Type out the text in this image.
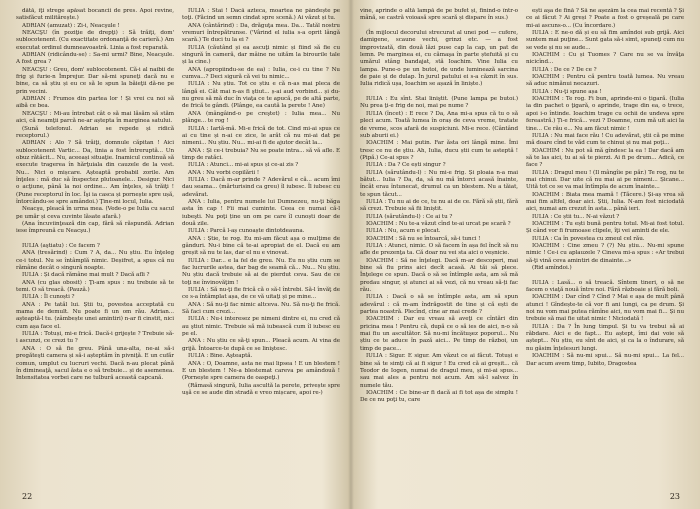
dătă, iţi strege apăsat bocancii de pres. Apoi revine, satisfăcut militărește.)

ADRIAN (amuzat) : Zi-i, Neacşule !

NEACŞU (în poziţie de drepţi) : Să trăiţi, dom' sublocotenent. (Cu exactitate ordonanţă de carieră.) Am executat ordinul dumneavoastră. Linia a fost reparată.

ADRIAN (ridicându-se) : Sa-mi urmi? Bine, Neacşule. A fost grea ?

NEACŞU : Greu, dom' sublocotenent. Că-i al naibii de frig şi furie-n Împrejur. Dar să-mi spuneţi dacă nu e bine, ca să știu și eu ce să le spun la băieţii dă-ne pe prin vecini.

ADRIAN : Frumos din partea lor ! Și vrei cu noi să aibă ce bea.

NEACŞU : Mi-au întrebat cât o să mai lăsăm să stăm aici, că neamţii parcă ne-ar aștepta în marginea satului.

(Sună telefonul. Adrian se repede și ridică receptorul.)

ADRIAN : Alo ? Să trăiţi, domnule căpitan ! Aici sublocotenent Vartic... Da, linia a fost întreruptă... Un obuz rătăcit... Nu, aceeași situaţie. Inamicul continuă să execute tragerea în hărţuiala din cauzele de la vest. Nu... Nici o mișcare. Așteaptă probabil zorile. Am înţeles : mă duc să înspectez plutoanele... Desigur. Nici o acţiune, până la noi ordine... Am înţeles, să trăiţi ! (Pune receptorul în loc. Îşi ia casca și pornește spre ușă, întorcându-se spre amândoi.) Ţine-mi locul, Iulia.

Neacşu, pleacă în urma mea. (Vede-o pe Iulia cu sacul pe umăr și ceva cuvinte lăsate afară.)

(Ana încuviinţează din cap, fără să răspundă. Adrian iese împreună cu Neacşu.)

IULIA (aştiatu) : Ce facem ?

ANA (tresărind) : Cum ? A, da... Nu știu. Eu înţeleg ce-i totul. Nu se întâmplă nimic. Deșifret, a spus că nu rămâne decât o singură noapte.

IULIA : Și dacă rămâne mai mult ? Dacă afli ?

ANA (cu glas obosit) : Ţi-am spus : nu trebuie să te temi. O să treacă. (Pauză.)

IULIA : Îl cunoști ?

ANA : Pe tatăl lui. Știi tu, povestea acceptată cu mama de demult. Nu poate fi un om rău. Adrian... așteaptă-l tu. (zâmbește unei amintiri) n-ar fi cinstit, nici cum așa face el.

IULIA : Totuși, mi-e frică. Dacă-i grijește ? Trebuie să-i ascunzi, ce crezi tu ?

ANA : O să fie greu. Până una-alta, ne-ai să-i pregăteşti camera și să-i așteptăm în pivniţă. E un cufăr comun, umplut cu lucruri vechi. Dacă n-au plecat până în dimineaţă, sacul ăsta e o să trebuie... și de asemenea. Intensitatea vorbei care ne tulbură această capcană.

IULIA : Stai ! Dacă azteca, moartea ne pândește pe toţi. (Făcind un semn cindat spre scenă.) Ai văzut și tu.

ANA (cântărind) : Da, drăguţa mea. Da... Tatăl nostru vremuri întrepătrunse. ('Vârind el iulia s-a oprit lângă scară.) Te duci tu la ei ?

IULIA (căutând și ea ascuţi nimic și fiind să fie cu singură în cameră, dar mâine ne uităm la birourile tale și la cine.)

ANA (apropiindu-se de ea) : Iulia, ce-i cu tine ? Nu cumva...? Deci sigură că vei tu nimic...

IULIA : Nu știu. Tot ce știu e că n-as mai pleca de lângă ei. Cât mai n-as fi ştiut... ș-ai aud vorbind... și du-nu greu să mă duc în viaţa ce te apucă, pe de altă parte, de frică te gândi. (Plânge, ea caută la perete ! Ane)

ANA (mângâind-o pe creştet) : Iulia mea... Nu plânge... te rog !

IULIA : Iartă-mă. Mi-e frică de tot. Cind mi-ai spus ce ai cu tine și n-ai ce zice, le arăt că nu mi-ai dat pe nimeni... Nu știu. Nu... mi-ai fi de ajutor decât la...

ANA : Și ce-i trebuia? Nu se poate intra... să vă afle. E timp de ratăci.

IULIA : Atunci... mi-ai spus și ce-ai zis ?

ANA : Nu vorbi copilării !

IULIA : Dacă m-ar prinde ? Adevărul e că... acum îmi dau seama... (mărturisind ca greu) îl iubesc. Îl iubesc cu adevărat.

ANA : Iulia, pentru numele lui Dumnezeu, nu-ţi băga asta în cap ! Fii mai cuminte. Ceea ce numai că-l iubeşti. Nu poţi ține un om pe care îl cunoști doar de două zile.

IULIA : Parcă l-aș cunoaște dintotdeauna.

ANA : Știe, te rog. Eu mi-am făcut așa o mulţime de gânduri. Nu-i bine că te-ai apropiat de el. Dacă eu am greșit să nu te las, dar el nu e vinovat.

IULIA : Dar... e la fel de greu. Nu. Eu nu știu cum se fac lucrurile astea, dar bag de seamă că... Nu... Nu știu. Nu știu dacă trebuie să ai de pierdut ceva. Sau de ce toţi ne învinovăţim !

IULIA : Să nu-ţi fie frică că o să-l întrebi. Să-l învăţ de ce s-a întâmplat așa, de ce vă uitaţi și pe mine...

ANA : Să nu-ţi fac nimic altceva. Nu. Să nu-ţi fie frică. Să faci cum crezi...

IULIA : Nu-i interesez pe nimeni dintre ei, nu cred că au ştiut nimic. Trebuie să mă iubească cum îl iubesc eu pe el.

ANA : Nu știu ce să-ţi spun... Pleacă acum. Ai vina de grijă. Întoarce-te după ce se liniştesc.

IULIA : Bine. Aşteaptă.

ANA : O, Doamne, asta ne mai lipsea ! E un blestem ! E un blestem ! Ne-a blestemat careva pe amândouă ! (Pornește spre camera de oaspeţi.)

(Rămasă singură, Iulia ascultă la perete, privește spre uşă ce se aude din stradă e vreo mișcare, apoi re-)

22

vine, aprinde o altă lampă de pe bufet și, finind-o într-o mână, se castră voioasă spre scară și dispare în sus.)

(În mijlocul decorului strecurat al unei pod — cufere, damigene, scaune vechi, grinzi etc. — a fost improvizată, din două lăzi puse cap la cap, un pat de lemn. Pe marginea ei, cu cămaşa în parte ștefuită și cu umărul stâng bandajat, stă Ioachim. Vine Iulia cu lampa. Pune-o pe un butoi, de unde luminează sarcina de paie și de dulap. În jurul patului ei s-a căznit în sus. Iulia ridică ușa, Ioachim se așază în liniște.)

IULIA : Eu sînt. Stai liniştit. (Pune lampa pe butoi.) Nu prea ţi-e frig de noi, mai pe nume ?

IULIA (încet) : E rece ? Da, Ana mi-a spus că tu o să pleci acum. Toată lumea în oraș de ceva vreme, tratate de vreme, scos afară de suspiciuni. Mi-e rece. (Cântând sub aburii ei.)

IOACHIM : Mai putin. Far ăsta ori lângă mine. Îmi tresc ce nu de ştiu. Ah, Iulia, ducu știi cum te asteptă ! (Pipă.) Ce-ai spus ?

IULIA : Da ? Ce ești singur ?

IULIA (sărutându-l) : Nu mi-e frig. Și ploaia n-a mai bătut... Iulia ? Da, da, să nu mă întorci acasă înainte, încât erau întunecat, drumul ca un blestem. Nu a tăiat, te spun tăcut...

IULIA : Tu nu ai de ce, tu nu ai de ce. Fără să știi, fără să crezi. Trebuie să fii liniștit.

IULIA (sărutându-l) : Ce ai tu ?

IOACHIM : Nu te-a văzut cînd te-ai urcat pe scară ?

IULIA : Nu, acum e plecat.

IOACHIM : Să nu se întoarcă, să-i tunci !

IULIA : Atunci, nimic. O să facem în așa fel încît să nu afle de prezenţa ta. Că doar nu vei sta aici o veșnicie.

IOACHIM : Să ne înţelegi. Dacă m-ar descoperi, mai bine să fiu prins aici decît acasă. Ai tăi să plece. Înţelege ce spun. Dacă o să se întîmple asta, am să mă predau singur, și atunci ai să vezi, că nu vreau să-ți fac rău.

IULIA : Dacă o să se întîmple asta, am să spun adevărul : că m-am îndrăgostit de tine și că ești de partea noastră. Plecînd, cine ar mai crede ?

IOACHIM : Dar eu vreau să aveţi ce cîntări din pricina mea ! Pentru că, după ce o să ies de aici, n-o să mai fiu un ascultător. Să nu-mi încătuşez poporul... Nu știu ce te aduce în pază aici... Pe timp de război, un timp de pace...

IULIA : Sigur. E sigur. Am văzut ce ai făcut. Totuși e bine să te simţi că ai fi sigur ! Eu cred că ai greșit... că Teodor de Iogen, numai de dragul meu, și mi-ai spus... sau mai ales a pentru noi acum. Am să-l salvez în numele tău.

IOACHIM : Ce bine-ar fi dacă ai fi tot așa de simplu ! De ce nu poţi tu, care

ești aşa de fină ? Să ne așezăm la cea mai recentă ? Și ce ai făcut ? Ai greși ? Poate a fost o greșeală pe care mi-ai ascuns-o... (Cu încordare.)

IULIA : E ne-o dă și eu să fim amîndoi sub grijă. Aici suntem mai puţine... Sunt gata să-i simt, spuneţi cum nu se vede și nu se aude...

IOACHIM : Cu și Tuomes ? Care nu se va învăţa nicicînd...

IULIA : De ce ? De ce ?

IOACHIM : Pentru că pentru toată lumea. Nu vreau să aduc nimănui necazuri.

IULIA : Nu-ţi spune așa !

IOACHIM : Te rog. Fi bun, aprinde-mi o țigară. (Iulia ia din pachet o ţigară, o aprinde, trage din ea, o trece, apoi i-o întinde. Ioachim trage cu ochii de undeva spre fereastră.) Ți-e frică... vezi ? Doamne, cum mă uit aici la tine... Ce rău e... Nu am făcut nimic !

IULIA : Nu mai face rău ! Cu adevărat, ştii că pe mine mă doare cînd te văd cum te chinui și nu mai poţi...

IOACHIM : Nu pot să mă gîndesc la ea ! Dar dacă am să te las aici, tu ai să te pierzi. Ai fi pe drum... Adică, ce face ?

IULIA : Dragul meu ! (Il mângîie pe păr.) Te rog, nu te mai chinui. Dar uite că nu mai ai pe nimeni... Șicane... Uită tot ce se va mai întîmpla de acum înainte...

IOACHIM : Biata mea mamă ! (Tăcere.) Și-aș vrea să mai fim altfel, doar aici. Știi, Iulia. N-am fost niciodată aici, numai am crezut în asta... până ieri.

IULIA : Ce știi tu... N-ai văzut ?

IOACHIM : Tu ești bună pentru totul. Mi-ai fost totul. Și când vor fi frumoase clipele, îţi vei aminti de ele.

IULIA : Ca în povestea cu zmeul cel rău.

IOACHIM : Cine zmeu ? (?) Nu știu... Nu-mi spune nimic ! Ce-i cu aplauzele ? Cineva mi-a spus : «Ar trebui să-ţi vină ceva amintiri de dinainte...»

(Rid amîndoi.)

IULIA : Lasă... o să treacă. Sîntem tineri, o să ne facem o viaţă nouă între noi. Fără războaie și fără boli.

IOACHIM : Dar cînd ? Cînd ? Mai e așa de mult până atunci ! Gîndește-te că vor fi ani lungi, ca pe drum. Și noi nu vom mai putea rămîne aici, nu vom mai fi... Și nu trebuie să mai fie uitat nimic ! Niciodată !

IULIA : Da ? În lung timpul. Și tu va trebui să ai răbdare. Aici e de fapt... Eu aștept, îmi dai voie să aștept... Nu știu, eu sînt de aici, și ca la o îndurare, să nu găsim înțelesuri lungi.

IOACHIM : Să nu-mi spui... Să nu-mi spui... La fel... Dar acum avem timp, Iubito, Dragostea

23
